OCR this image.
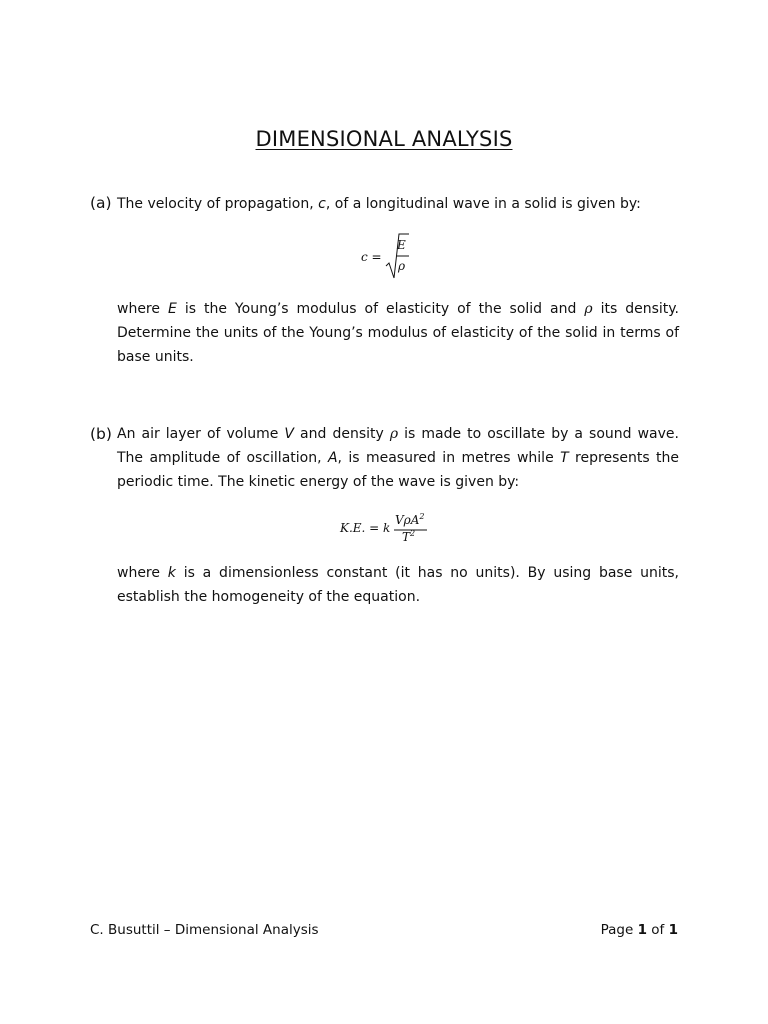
DIMENSIONAL ANALYSIS
(a) The velocity of propagation, c, of a longitudinal wave in a solid is given by:
c =
E
ρ
where E is the Young’s modulus of elasticity of the solid and ρ its density. Determine the units of the Young’s modulus of elasticity of the solid in terms of base units.
(b) An air layer of volume V and density ρ is made to oscillate by a sound wave. The amplitude of oscillation, A, is measured in metres while T represents the periodic time. The kinetic energy of the wave is given by:
K.E. = k
VρA$^2$
$T^2$
where k is a dimensionless constant (it has no units). By using base units, establish the homogeneity of the equation.
C. Busuttil – Dimensional Analysis	Page 1 of 1
